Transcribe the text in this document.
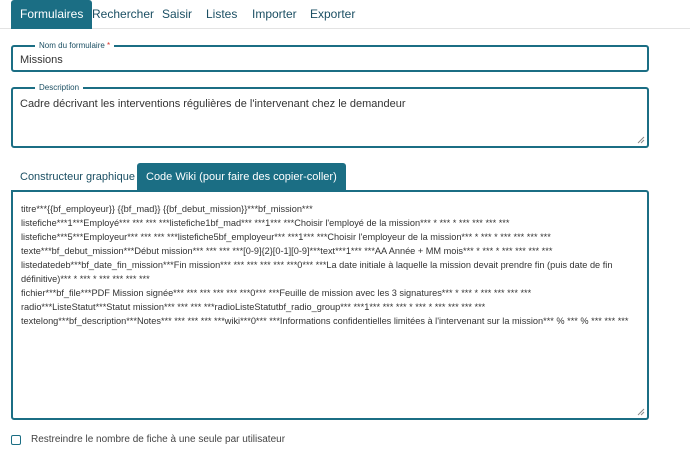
Formulaires Rechercher Saisir Listes Importer Exporter
Nom du formulaire *
Missions
Description
Cadre décrivant les interventions régulières de l'intervenant chez le demandeur
Constructeur graphique	Code Wiki (pour faire des copier-coller)
titre***{{bf_employeur}} {{bf_mad}} {{bf_debut_mission}}***bf_mission***
listefiche***1***Employé*** *** *** ***listefiche1bf_mad*** ***1*** ***Choisir l'employé de la mission*** * *** * *** *** *** ***
listefiche***5***Employeur*** *** *** ***listefiche5bf_employeur*** ***1*** ***Choisir l'employeur de la mission*** * *** * *** *** *** ***
texte***bf_debut_mission***Début mission*** *** *** ***[0-9]{2}[0-1][0-9]***text***1*** ***AA Année + MM mois*** * *** * *** *** *** ***
listedatedeb***bf_date_fin_mission***Fin mission*** *** *** *** *** ***0*** ***La date initiale à laquelle la mission devait prendre fin (puis date de fin définitive)*** * *** * *** *** *** ***
fichier***bf_file***PDF Mission signée*** *** *** *** *** ***0*** ***Feuille de mission avec les 3 signatures*** * *** * *** *** *** ***
radio***ListeStatut***Statut mission*** *** *** ***radioListeStatutbf_radio_group*** ***1*** *** *** * *** * *** *** *** ***
textelong***bf_description***Notes*** *** *** *** ***wiki***0*** ***Informations confidentielles limitées à l'intervenant sur la mission*** % *** % *** *** ***
Restreindre le nombre de fiche à une seule par utilisateur
